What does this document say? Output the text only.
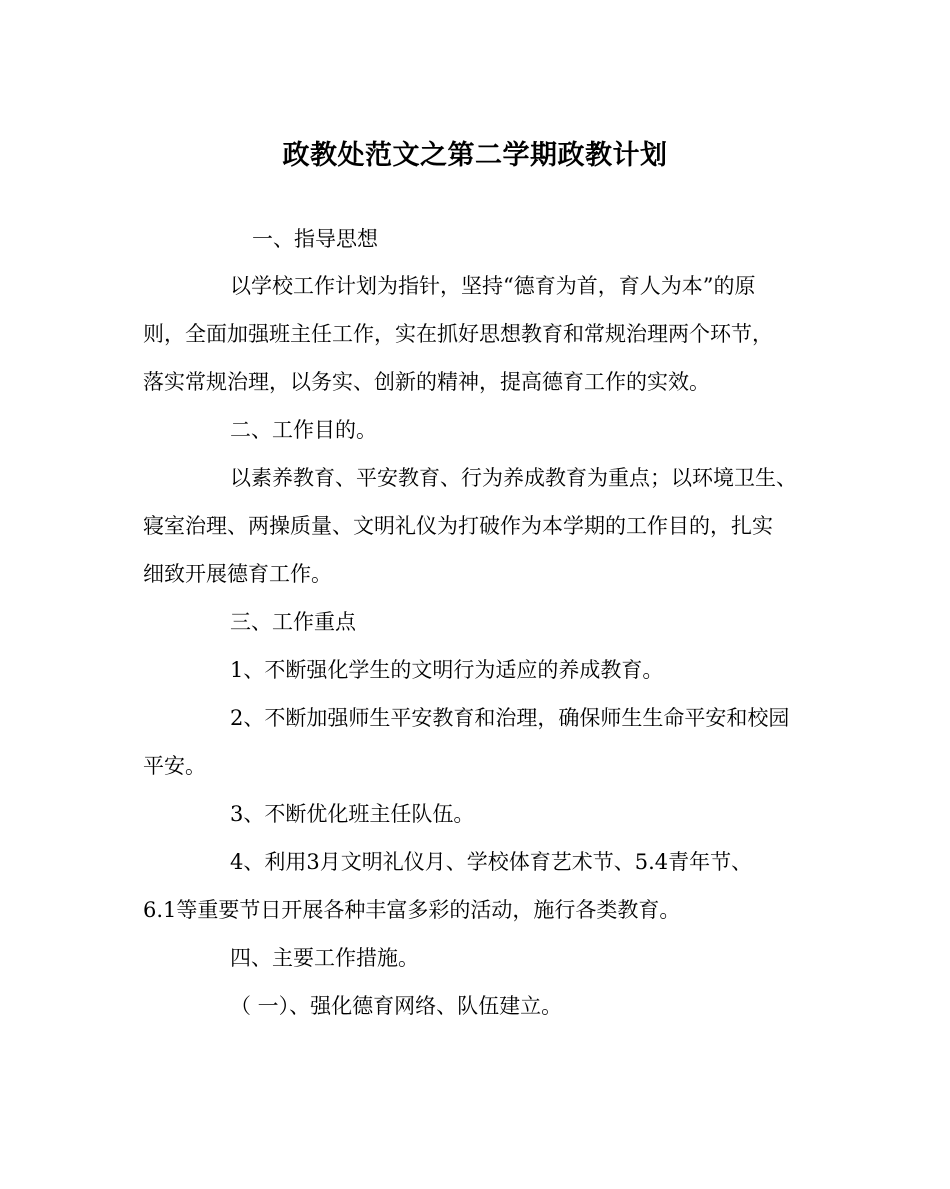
政教处范文之第二学期政教计划
一、指导思想
以学校工作计划为指针，坚持“德育为首，育人为本”的原
则，全面加强班主任工作，实在抓好思想教育和常规治理两个环节，
落实常规治理，以务实、创新的精神，提高德育工作的实效。
二、工作目的。
以素养教育、平安教育、行为养成教育为重点；以环境卫生、
寝室治理、两操质量、文明礼仪为打破作为本学期的工作目的，扎实
细致开展德育工作。
三、工作重点
1、不断强化学生的文明行为适应的养成教育。
2、不断加强师生平安教育和治理，确保师生生命平安和校园
平安。
3、不断优化班主任队伍。
4、利用3月文明礼仪月、学校体育艺术节、5.4青年节、
6.1等重要节日开展各种丰富多彩的活动，施行各类教育。
四、主要工作措施。
（ 一）、强化德育网络、队伍建立。
